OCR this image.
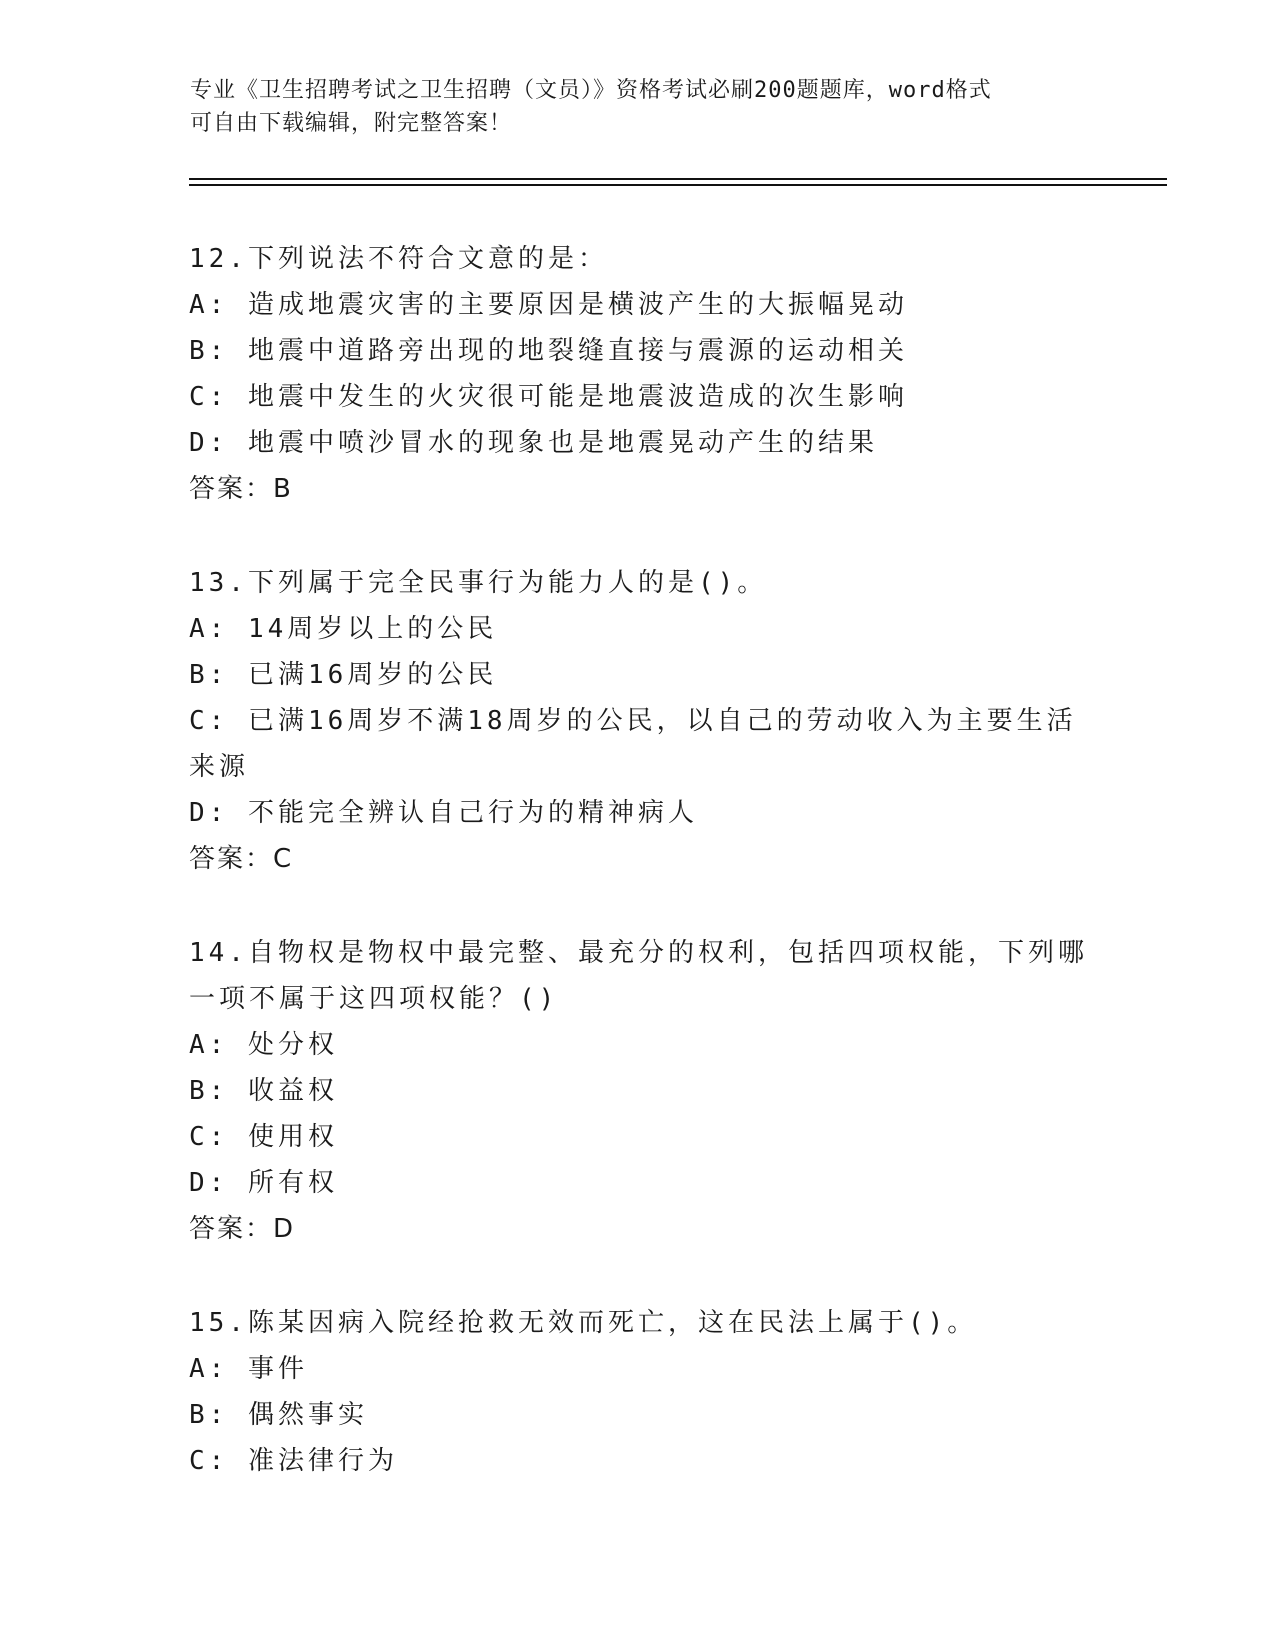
专业《卫生招聘考试之卫生招聘（文员）》资格考试必刷200题题库，word格式
可自由下载编辑，附完整答案！
12.下列说法不符合文意的是：
A: 造成地震灾害的主要原因是横波产生的大振幅晃动
B: 地震中道路旁出现的地裂缝直接与震源的运动相关
C: 地震中发生的火灾很可能是地震波造成的次生影响
D: 地震中喷沙冒水的现象也是地震晃动产生的结果
答案：B
13.下列属于完全民事行为能力人的是()。
A: 14周岁以上的公民
B: 已满16周岁的公民
C: 已满16周岁不满18周岁的公民，以自己的劳动收入为主要生活来源
D: 不能完全辨认自己行为的精神病人
答案：C
14.自物权是物权中最完整、最充分的权利，包括四项权能，下列哪一项不属于这四项权能？()
A: 处分权
B: 收益权
C: 使用权
D: 所有权
答案：D
15.陈某因病入院经抢救无效而死亡，这在民法上属于()。
A: 事件
B: 偶然事实
C: 准法律行为
